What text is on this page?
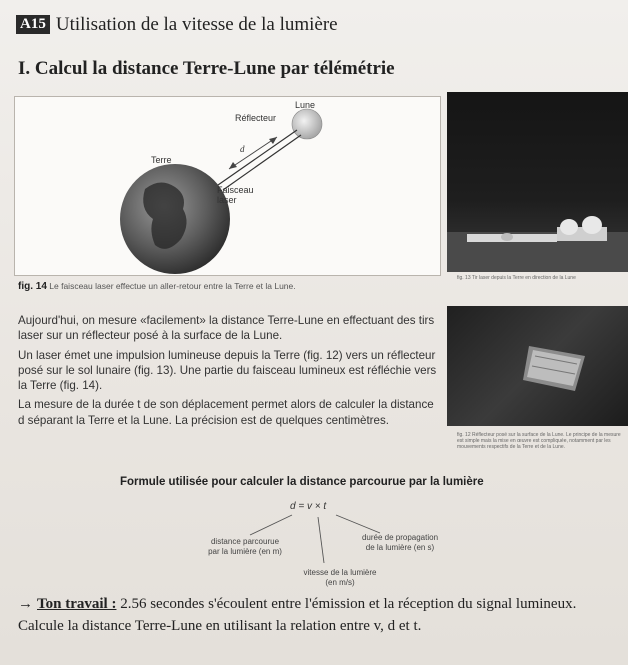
A15 Utilisation de la vitesse de la lumière
I. Calcul la distance Terre-Lune par télémétrie
Lune
Réflecteur
Terre
d
Faisceau
laser
fig. 14 Le faisceau laser effectue un aller-retour entre la Terre et la Lune.
fig. 13 Tir laser depuis la Terre en direction de la Lune
fig. 12 Réflecteur posé sur la surface de la Lune. Le principe de la mesure est simple mais la mise en œuvre est compliquée, notamment par les mouvements respectifs de la Terre et de la Lune.

Aujourd'hui, on mesure «facilement» la distance Terre-Lune en effectuant des tirs laser sur un réflecteur posé à la surface de la Lune.

Un laser émet une impulsion lumineuse depuis la Terre (fig. 12) vers un réflecteur posé sur le sol lunaire (fig. 13). Une partie du faisceau lumineux est réfléchie vers la Terre (fig. 14).

La mesure de la durée t de son déplacement permet alors de calculer la distance d séparant la Terre et la Lune. La précision est de quelques centimètres.

Formule utilisée pour calculer la distance parcourue par la lumière
d = v × t
distance parcourue
par la lumière (en m)
durée de propagation
de la lumière (en s)
vitesse de la lumière
(en m/s)
→ Ton travail : 2.56 secondes s'écoulent entre l'émission et la réception du signal lumineux. Calcule la distance Terre-Lune en utilisant la relation entre v, d et t.
